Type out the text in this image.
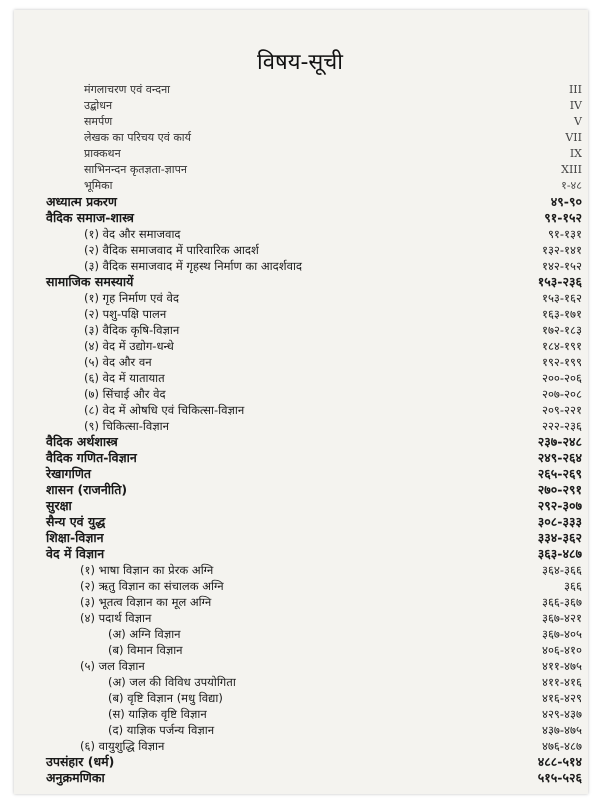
विषय-सूची
मंगलाचरण एवं वन्दना	III
उद्बोधन	IV
समर्पण	V
लेखक का परिचय एवं कार्य	VII
प्राक्कथन	IX
साभिनन्दन कृतज्ञता-ज्ञापन	XIII
भूमिका	१-४८
अध्यात्म प्रकरण	४९-९०
वैदिक समाज-शास्त्र	९१-१५२
(१) वेद और समाजवाद	९१-१३१
(२) वैदिक समाजवाद में पारिवारिक आदर्श	१३२-१४१
(३) वैदिक समाजवाद में गृहस्थ निर्माण का आदर्शवाद	१४२-१५२
सामाजिक समस्यायें	१५३-२३६
(१) गृह निर्माण एवं वेद	१५३-१६२
(२) पशु-पक्षि पालन	१६३-१७१
(३) वैदिक कृषि-विज्ञान	१७२-१८३
(४) वेद में उद्योग-धन्धे	१८४-१९१
(५) वेद और वन	१९२-१९९
(६) वेद में यातायात	२००-२०६
(७) सिंचाई और वेद	२०७-२०८
(८) वेद में ओषधि एवं चिकित्सा-विज्ञान	२०९-२२१
(९) चिकित्सा-विज्ञान	२२२-२३६
वैदिक अर्थशास्त्र	२३७-२४८
वैदिक गणित-विज्ञान	२४९-२६४
रेखागणित	२६५-२६९
शासन (राजनीति)	२७०-२९१
सुरक्षा	२९२-३०७
सैन्य एवं युद्ध	३०८-३३३
शिक्षा-विज्ञान	३३४-३६२
वेद में विज्ञान	३६३-४८७
(१) भाषा विज्ञान का प्रेरक अग्नि	३६४-३६६
(२) ऋतु विज्ञान का संचालक अग्नि	३६६
(३) भूतत्व विज्ञान का मूल अग्नि	३६६-३६७
(४) पदार्थ विज्ञान	३६७-४२१
(अ) अग्नि विज्ञान	३६७-४०५
(ब) विमान विज्ञान	४०६-४१०
(५) जल विज्ञान	४११-४७५
(अ) जल की विविध उपयोगिता	४११-४१६
(ब) वृष्टि विज्ञान (मधु विद्या)	४१६-४२९
(स) याज्ञिक वृष्टि विज्ञान	४२९-४३७
(द) याज्ञिक पर्जन्य विज्ञान	४३७-४७५
(६) वायुशुद्धि विज्ञान	४७६-४८७
उपसंहार (धर्म)	४८८-५१४
अनुक्रमणिका	५१५-५२६
